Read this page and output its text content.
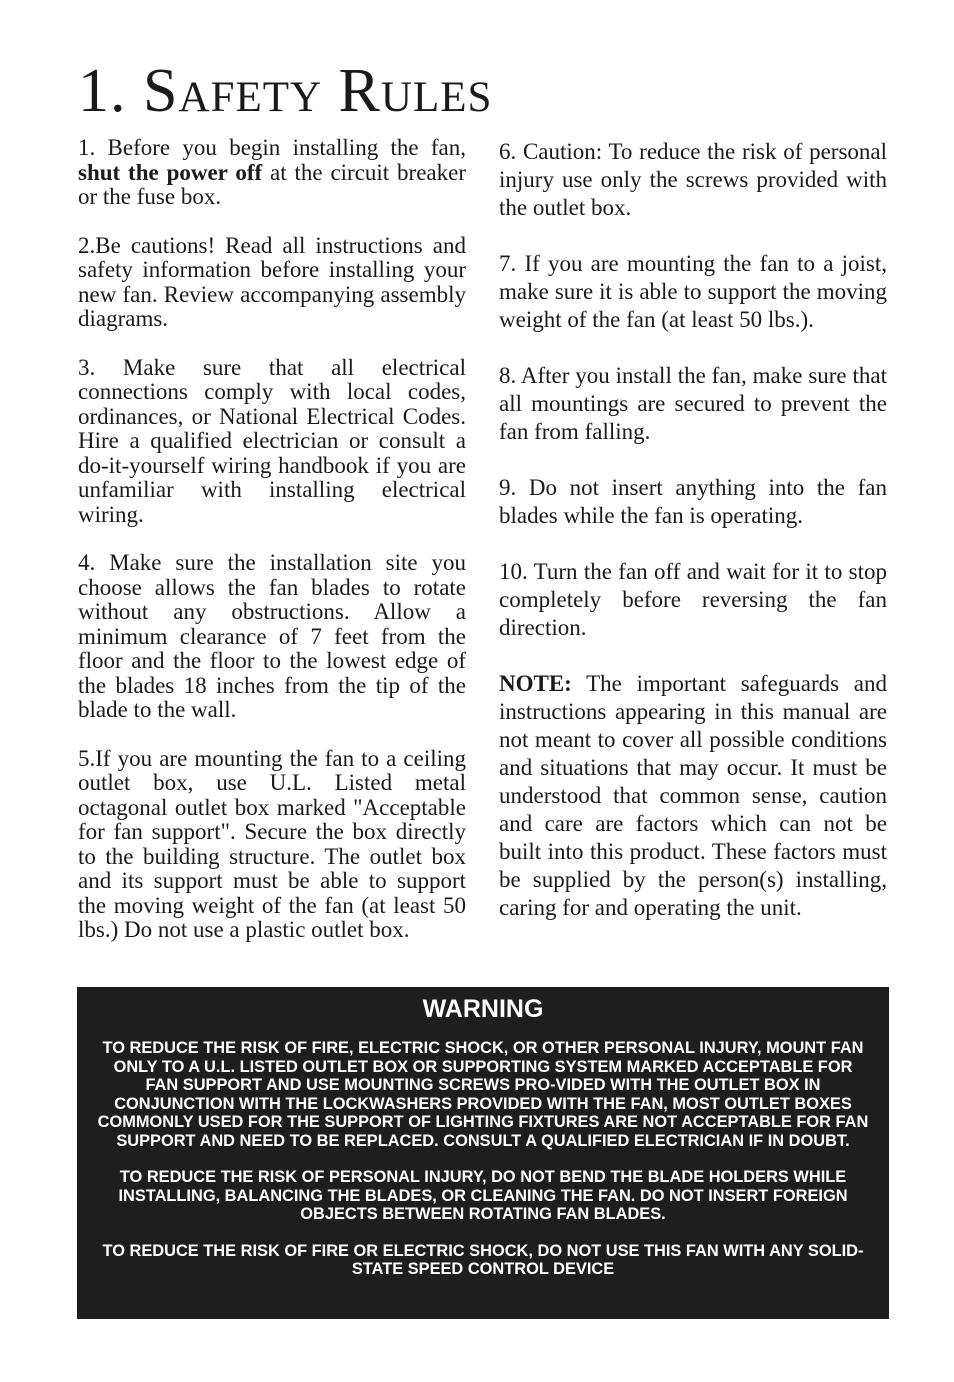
1. Safety Rules

1. Before you begin installing the fan, shut the power off at the circuit breaker or the fuse box.

2.Be cautions! Read all instructions and safety information before installing your new fan. Review accompanying assembly diagrams.

3. Make sure that all electrical connections comply with local codes, ordinances, or National Electrical Codes. Hire a qualified electrician or consult a do-it-yourself wiring handbook if you are unfamiliar with installing electrical wiring.

4. Make sure the installation site you choose allows the fan blades to rotate without any obstructions. Allow a minimum clearance of 7 feet from the floor and the floor to the lowest edge of the blades 18 inches from the tip of the blade to the wall.

5.If you are mounting the fan to a ceiling outlet box, use U.L. Listed metal octagonal outlet box marked "Acceptable for fan support". Secure the box directly to the building structure. The outlet box and its support must be able to support the moving weight of the fan (at least 50 lbs.) Do not use a plastic outlet box.

6. Caution: To reduce the risk of personal injury use only the screws provided with the outlet box.

7. If you are mounting the fan to a joist, make sure it is able to support the moving weight of the fan (at least 50 lbs.).

8. After you install the fan, make sure that all mountings are secured to prevent the fan from falling.

9. Do not insert anything into the fan blades while the fan is operating.

10. Turn the fan off and wait for it to stop completely before reversing the fan direction.

NOTE: The important safeguards and instructions appearing in this manual are not meant to cover all possible conditions and situations that may occur. It must be understood that common sense, caution and care are factors which can not be built into this product. These factors must be supplied by the person(s) installing, caring for and operating the unit.

WARNING

TO REDUCE THE RISK OF FIRE, ELECTRIC SHOCK, OR OTHER PERSONAL INJURY, MOUNT FAN ONLY TO A U.L. LISTED OUTLET BOX OR SUPPORTING SYSTEM MARKED ACCEPTABLE FOR FAN SUPPORT AND USE MOUNTING SCREWS PRO-VIDED WITH THE OUTLET BOX IN CONJUNCTION WITH THE LOCKWASHERS PROVIDED WITH THE FAN, MOST OUTLET BOXES COMMONLY USED FOR THE SUPPORT OF LIGHTING FIXTURES ARE NOT ACCEPTABLE FOR FAN SUPPORT AND NEED TO BE REPLACED. CONSULT A QUALIFIED ELECTRICIAN IF IN DOUBT.

TO REDUCE THE RISK OF PERSONAL INJURY, DO NOT BEND THE BLADE HOLDERS WHILE INSTALLING, BALANCING THE BLADES, OR CLEANING THE FAN. DO NOT INSERT FOREIGN OBJECTS BETWEEN ROTATING FAN BLADES.

TO REDUCE THE RISK OF FIRE OR ELECTRIC SHOCK, DO NOT USE THIS FAN WITH ANY SOLID-STATE SPEED CONTROL DEVICE
